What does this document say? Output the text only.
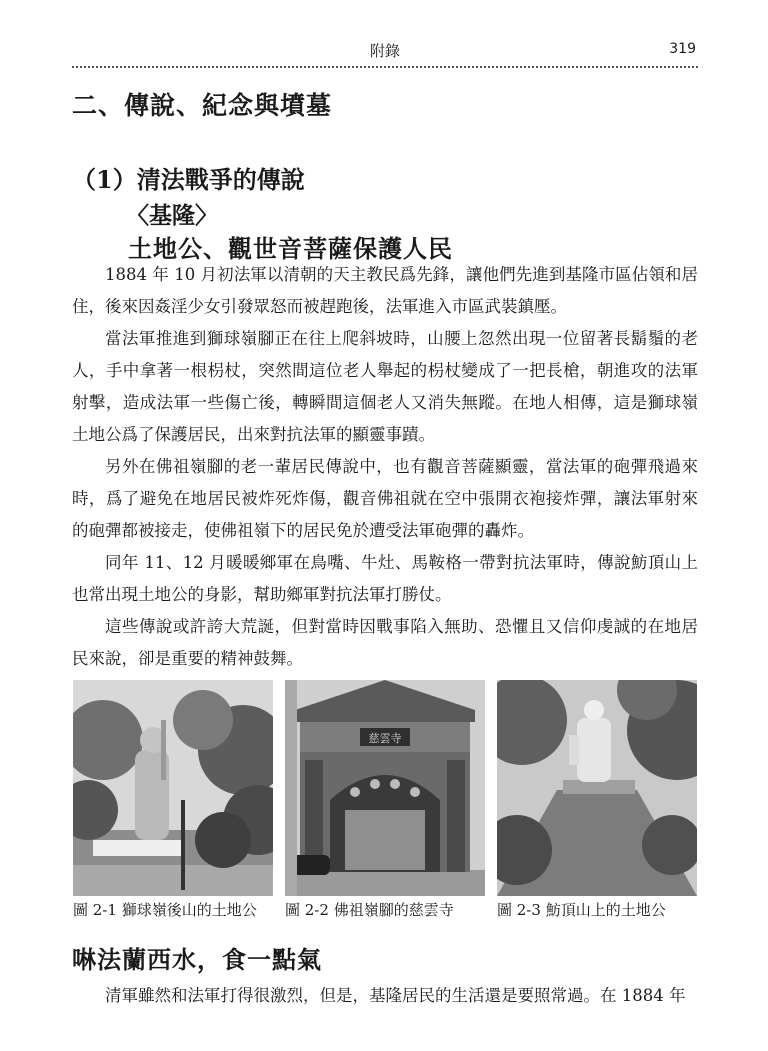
附錄	319
二、傳說、紀念與墳墓
（1）清法戰爭的傳說
〈基隆〉
土地公、觀世音菩薩保護人民

1884 年 10 月初法軍以清朝的天主教民爲先鋒，讓他們先進到基隆市區佔領和居住，後來因姦淫少女引發眾怒而被趕跑後，法軍進入市區武裝鎮壓。

當法軍推進到獅球嶺腳正在往上爬斜坡時，山腰上忽然出現一位留著長鬍鬚的老人，手中拿著一根枴杖，突然間這位老人舉起的枴杖變成了一把長槍，朝進攻的法軍射擊，造成法軍一些傷亡後，轉瞬間這個老人又消失無蹤。在地人相傳，這是獅球嶺土地公爲了保護居民，出來對抗法軍的顯靈事蹟。

另外在佛祖嶺腳的老一輩居民傳說中，也有觀音菩薩顯靈，當法軍的砲彈飛過來時，爲了避免在地居民被炸死炸傷，觀音佛祖就在空中張開衣袍接炸彈，讓法軍射來的砲彈都被接走，使佛祖嶺下的居民免於遭受法軍砲彈的轟炸。

同年 11、12 月暖暖鄉軍在鳥嘴、牛灶、馬鞍格一帶對抗法軍時，傳說魴頂山上也常出現土地公的身影，幫助鄉軍對抗法軍打勝仗。

這些傳說或許誇大荒誕，但對當時因戰事陷入無助、恐懼且又信仰虔誠的在地居民來說，卻是重要的精神鼓舞。

慈雲寺
圖 2-1 獅球嶺後山的土地公 圖 2-2 佛祖嶺腳的慈雲寺	圖 2-3 魴頂山上的土地公
啉法蘭西水，食一點氣

清軍雖然和法軍打得很激烈，但是，基隆居民的生活還是要照常過。在 1884 年
